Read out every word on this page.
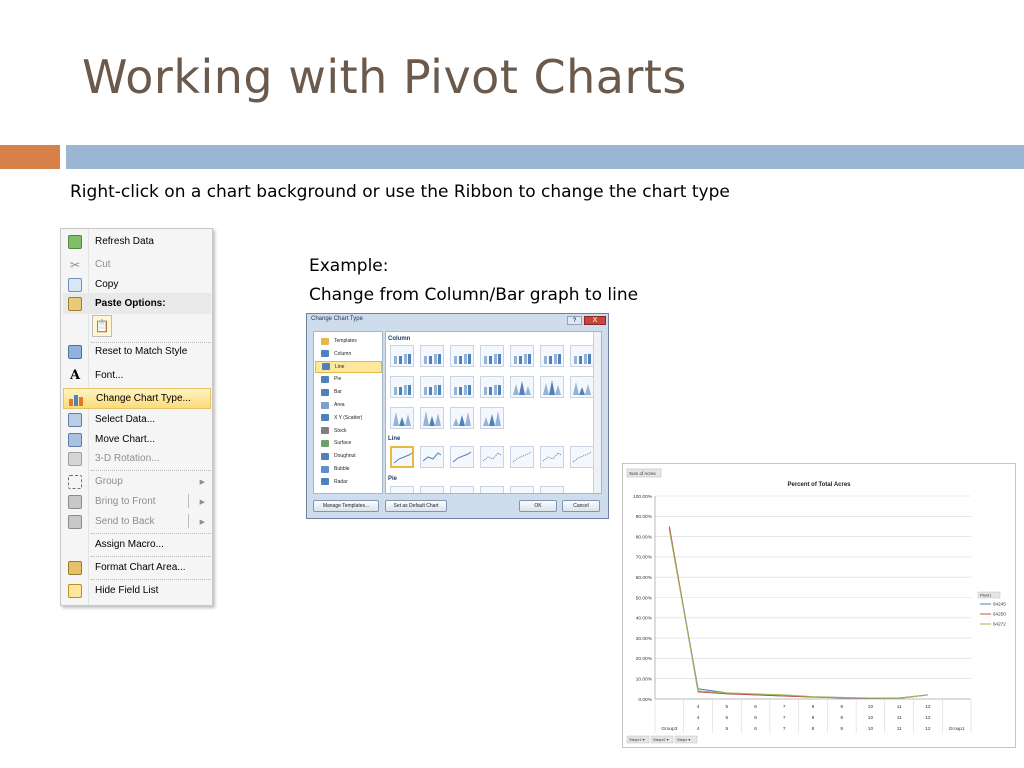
Working with Pivot Charts
Right-click on a chart background or use the Ribbon to change the chart type
Refresh Data
✂	Cut
Copy
Paste Options:
📋
Reset to Match Style
A	Font...
Change Chart Type...
Select Data...
Move Chart...
3-D Rotation...
Group	▶
Bring to Front	▶
Send to Back	▶
Assign Macro...
Format Chart Area...
Hide Field List
Example:
Change from Column/Bar graph to line
Change Chart Type	?	X
Templates
Column
Line
Pie
Bar
Area
X Y (Scatter)
Stock
Surface
Doughnut
Bubble
Radar
Column
Line
Pie
Manage Templates...	Set as Default Chart	OK	Cancel
Sum of Acres
Percent of Total Acres
100.00%
90.00%
80.00%
70.00%
60.00%
50.00%
40.00%
30.00%
20.00%
10.00%
0.00%
4	5	6	7	8	9	10	11	12
4	5	6	7	8	9	10	11	12
Group3	4	5	6	7	8	9	10	11	12	Group1
Plant1
64245
64250
64272
Stepx1 ▾ Stepx2 ▾ Stepx ▾
